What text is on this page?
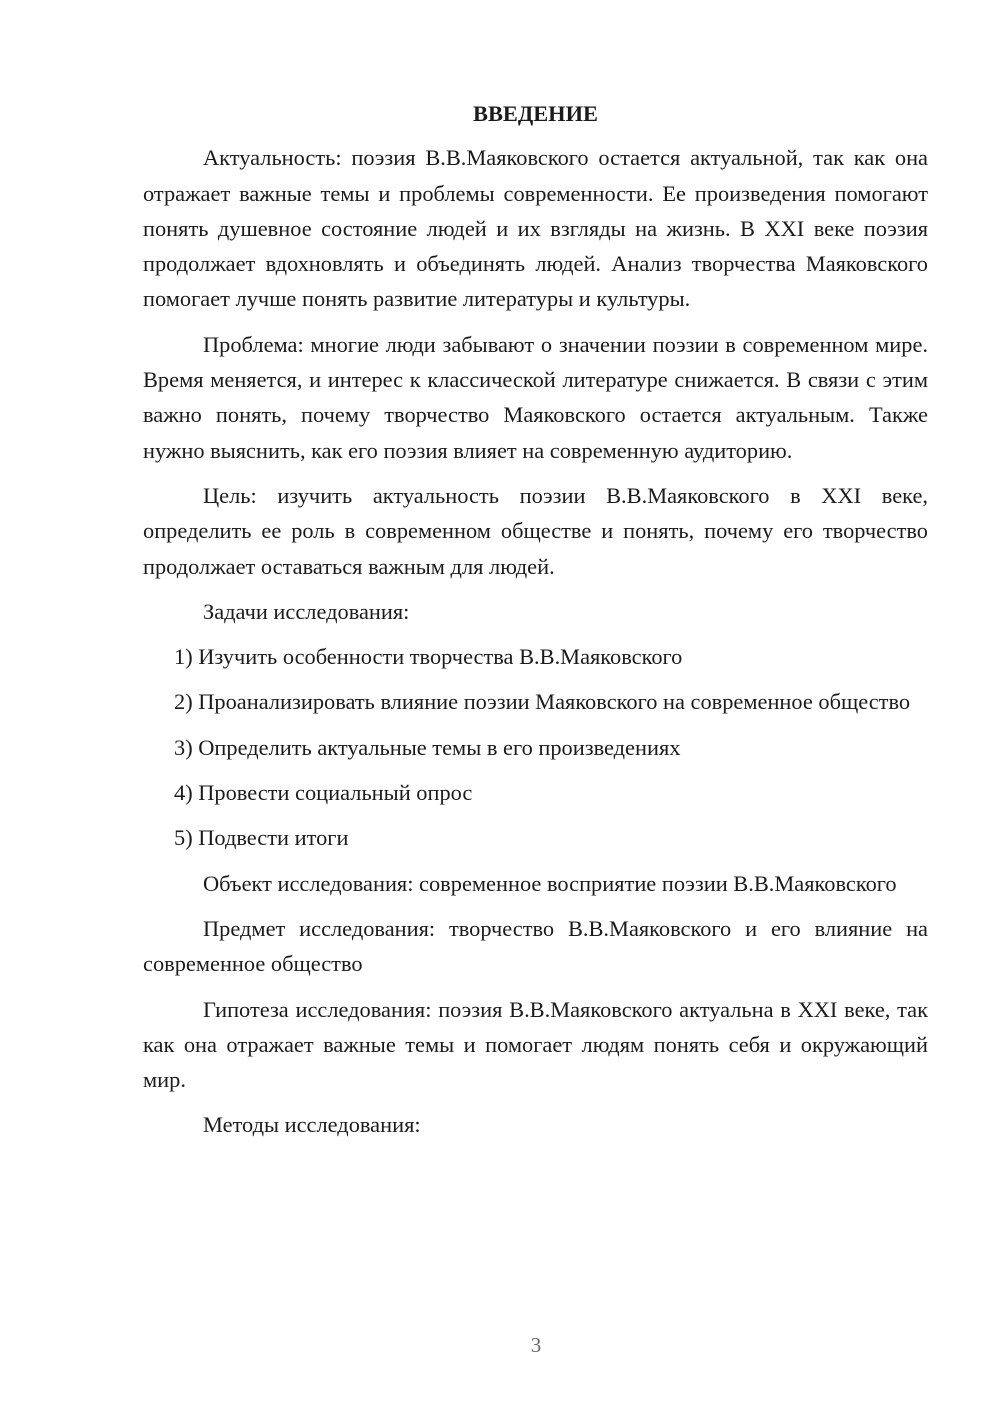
ВВЕДЕНИЕ

Актуальность: поэзия В.В.Маяковского остается актуальной, так как она отражает важные темы и проблемы современности. Ее произведения помогают понять душевное состояние людей и их взгляды на жизнь. В XXI веке поэзия продолжает вдохновлять и объединять людей. Анализ творчества Маяковского помогает лучше понять развитие литературы и культуры.

Проблема: многие люди забывают о значении поэзии в современном мире. Время меняется, и интерес к классической литературе снижается. В связи с этим важно понять, почему творчество Маяковского остается актуальным. Также нужно выяснить, как его поэзия влияет на современную аудиторию.

Цель: изучить актуальность поэзии В.В.Маяковского в XXI веке, определить ее роль в современном обществе и понять, почему его творчество продолжает оставаться важным для людей.

Задачи исследования:

1) Изучить особенности творчества В.В.Маяковского

2) Проанализировать влияние поэзии Маяковского на современное общество

3) Определить актуальные темы в его произведениях

4) Провести социальный опрос

5) Подвести итоги

Объект исследования: современное восприятие поэзии В.В.Маяковского

Предмет исследования: творчество В.В.Маяковского и его влияние на современное общество

Гипотеза исследования: поэзия В.В.Маяковского актуальна в XXI веке, так как она отражает важные темы и помогает людям понять себя и окружающий мир.

Методы исследования:

3
